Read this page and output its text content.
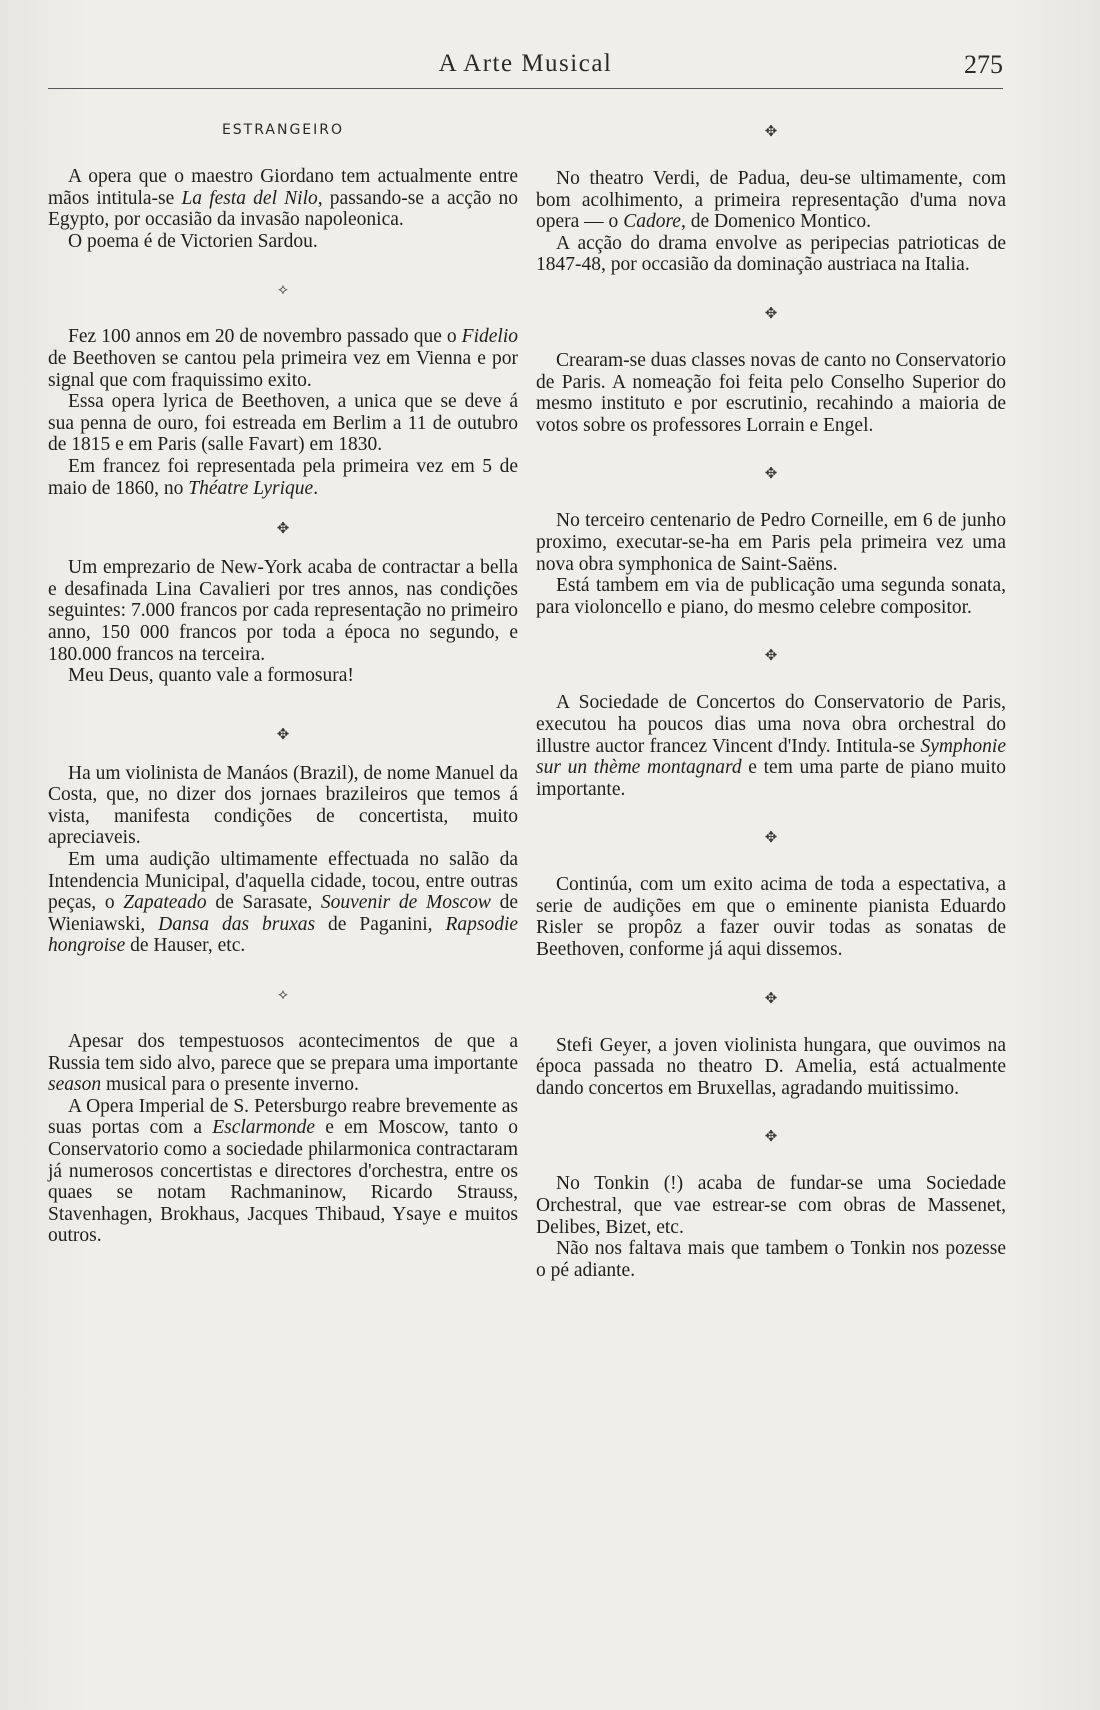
A Arte Musical	275
ESTRANGEIRO

A opera que o maestro Giordano tem actualmente entre mãos intitula-se La festa del Nilo, passando-se a acção no Egypto, por occasião da invasão napoleonica.

O poema é de Victorien Sardou.

⟡

Fez 100 annos em 20 de novembro passado que o Fidelio de Beethoven se cantou pela primeira vez em Vienna e por signal que com fraquissimo exito.

Essa opera lyrica de Beethoven, a unica que se deve á sua penna de ouro, foi estreada em Berlim a 11 de outubro de 1815 e em Paris (salle Favart) em 1830.

Em francez foi representada pela primeira vez em 5 de maio de 1860, no Théatre Lyrique.

✥

Um emprezario de New-York acaba de contractar a bella e desafinada Lina Cavalieri por tres annos, nas condições seguintes: 7.000 francos por cada representação no primeiro anno, 150 000 francos por toda a época no segundo, e 180.000 francos na terceira.

Meu Deus, quanto vale a formosura!

✥

Ha um violinista de Manáos (Brazil), de nome Manuel da Costa, que, no dizer dos jornaes brazileiros que temos á vista, manifesta condições de concertista, muito apreciaveis.

Em uma audição ultimamente effectuada no salão da Intendencia Municipal, d'aquella cidade, tocou, entre outras peças, o Zapateado de Sarasate, Souvenir de Moscow de Wieniawski, Dansa das bruxas de Paganini, Rapsodie hongroise de Hauser, etc.

⟡

Apesar dos tempestuosos acontecimentos de que a Russia tem sido alvo, parece que se prepara uma importante season musical para o presente inverno.

A Opera Imperial de S. Petersburgo reabre brevemente as suas portas com a Esclarmonde e em Moscow, tanto o Conservatorio como a sociedade philarmonica contractaram já numerosos concertistas e directores d'orchestra, entre os quaes se notam Rachmaninow, Ricardo Strauss, Stavenhagen, Brokhaus, Jacques Thibaud, Ysaye e muitos outros.

✥

No theatro Verdi, de Padua, deu-se ultimamente, com bom acolhimento, a primeira representação d'uma nova opera — o Cadore, de Domenico Montico.

A acção do drama envolve as peripecias patrioticas de 1847-48, por occasião da dominação austriaca na Italia.

✥

Crearam-se duas classes novas de canto no Conservatorio de Paris. A nomeação foi feita pelo Conselho Superior do mesmo instituto e por escrutinio, recahindo a maioria de votos sobre os professores Lorrain e Engel.

✥

No terceiro centenario de Pedro Corneille, em 6 de junho proximo, executar-se-ha em Paris pela primeira vez uma nova obra symphonica de Saint-Saëns.

Está tambem em via de publicação uma segunda sonata, para violoncello e piano, do mesmo celebre compositor.

✥

A Sociedade de Concertos do Conservatorio de Paris, executou ha poucos dias uma nova obra orchestral do illustre auctor francez Vincent d'Indy. Intitula-se Symphonie sur un thème montagnard e tem uma parte de piano muito importante.

✥

Continúa, com um exito acima de toda a espectativa, a serie de audições em que o eminente pianista Eduardo Risler se propôz a fazer ouvir todas as sonatas de Beethoven, conforme já aqui dissemos.

✥

Stefi Geyer, a joven violinista hungara, que ouvimos na época passada no theatro D. Amelia, está actualmente dando concertos em Bruxellas, agradando muitissimo.

✥

No Tonkin (!) acaba de fundar-se uma Sociedade Orchestral, que vae estrear-se com obras de Massenet, Delibes, Bizet, etc.

Não nos faltava mais que tambem o Tonkin nos pozesse o pé adiante.
